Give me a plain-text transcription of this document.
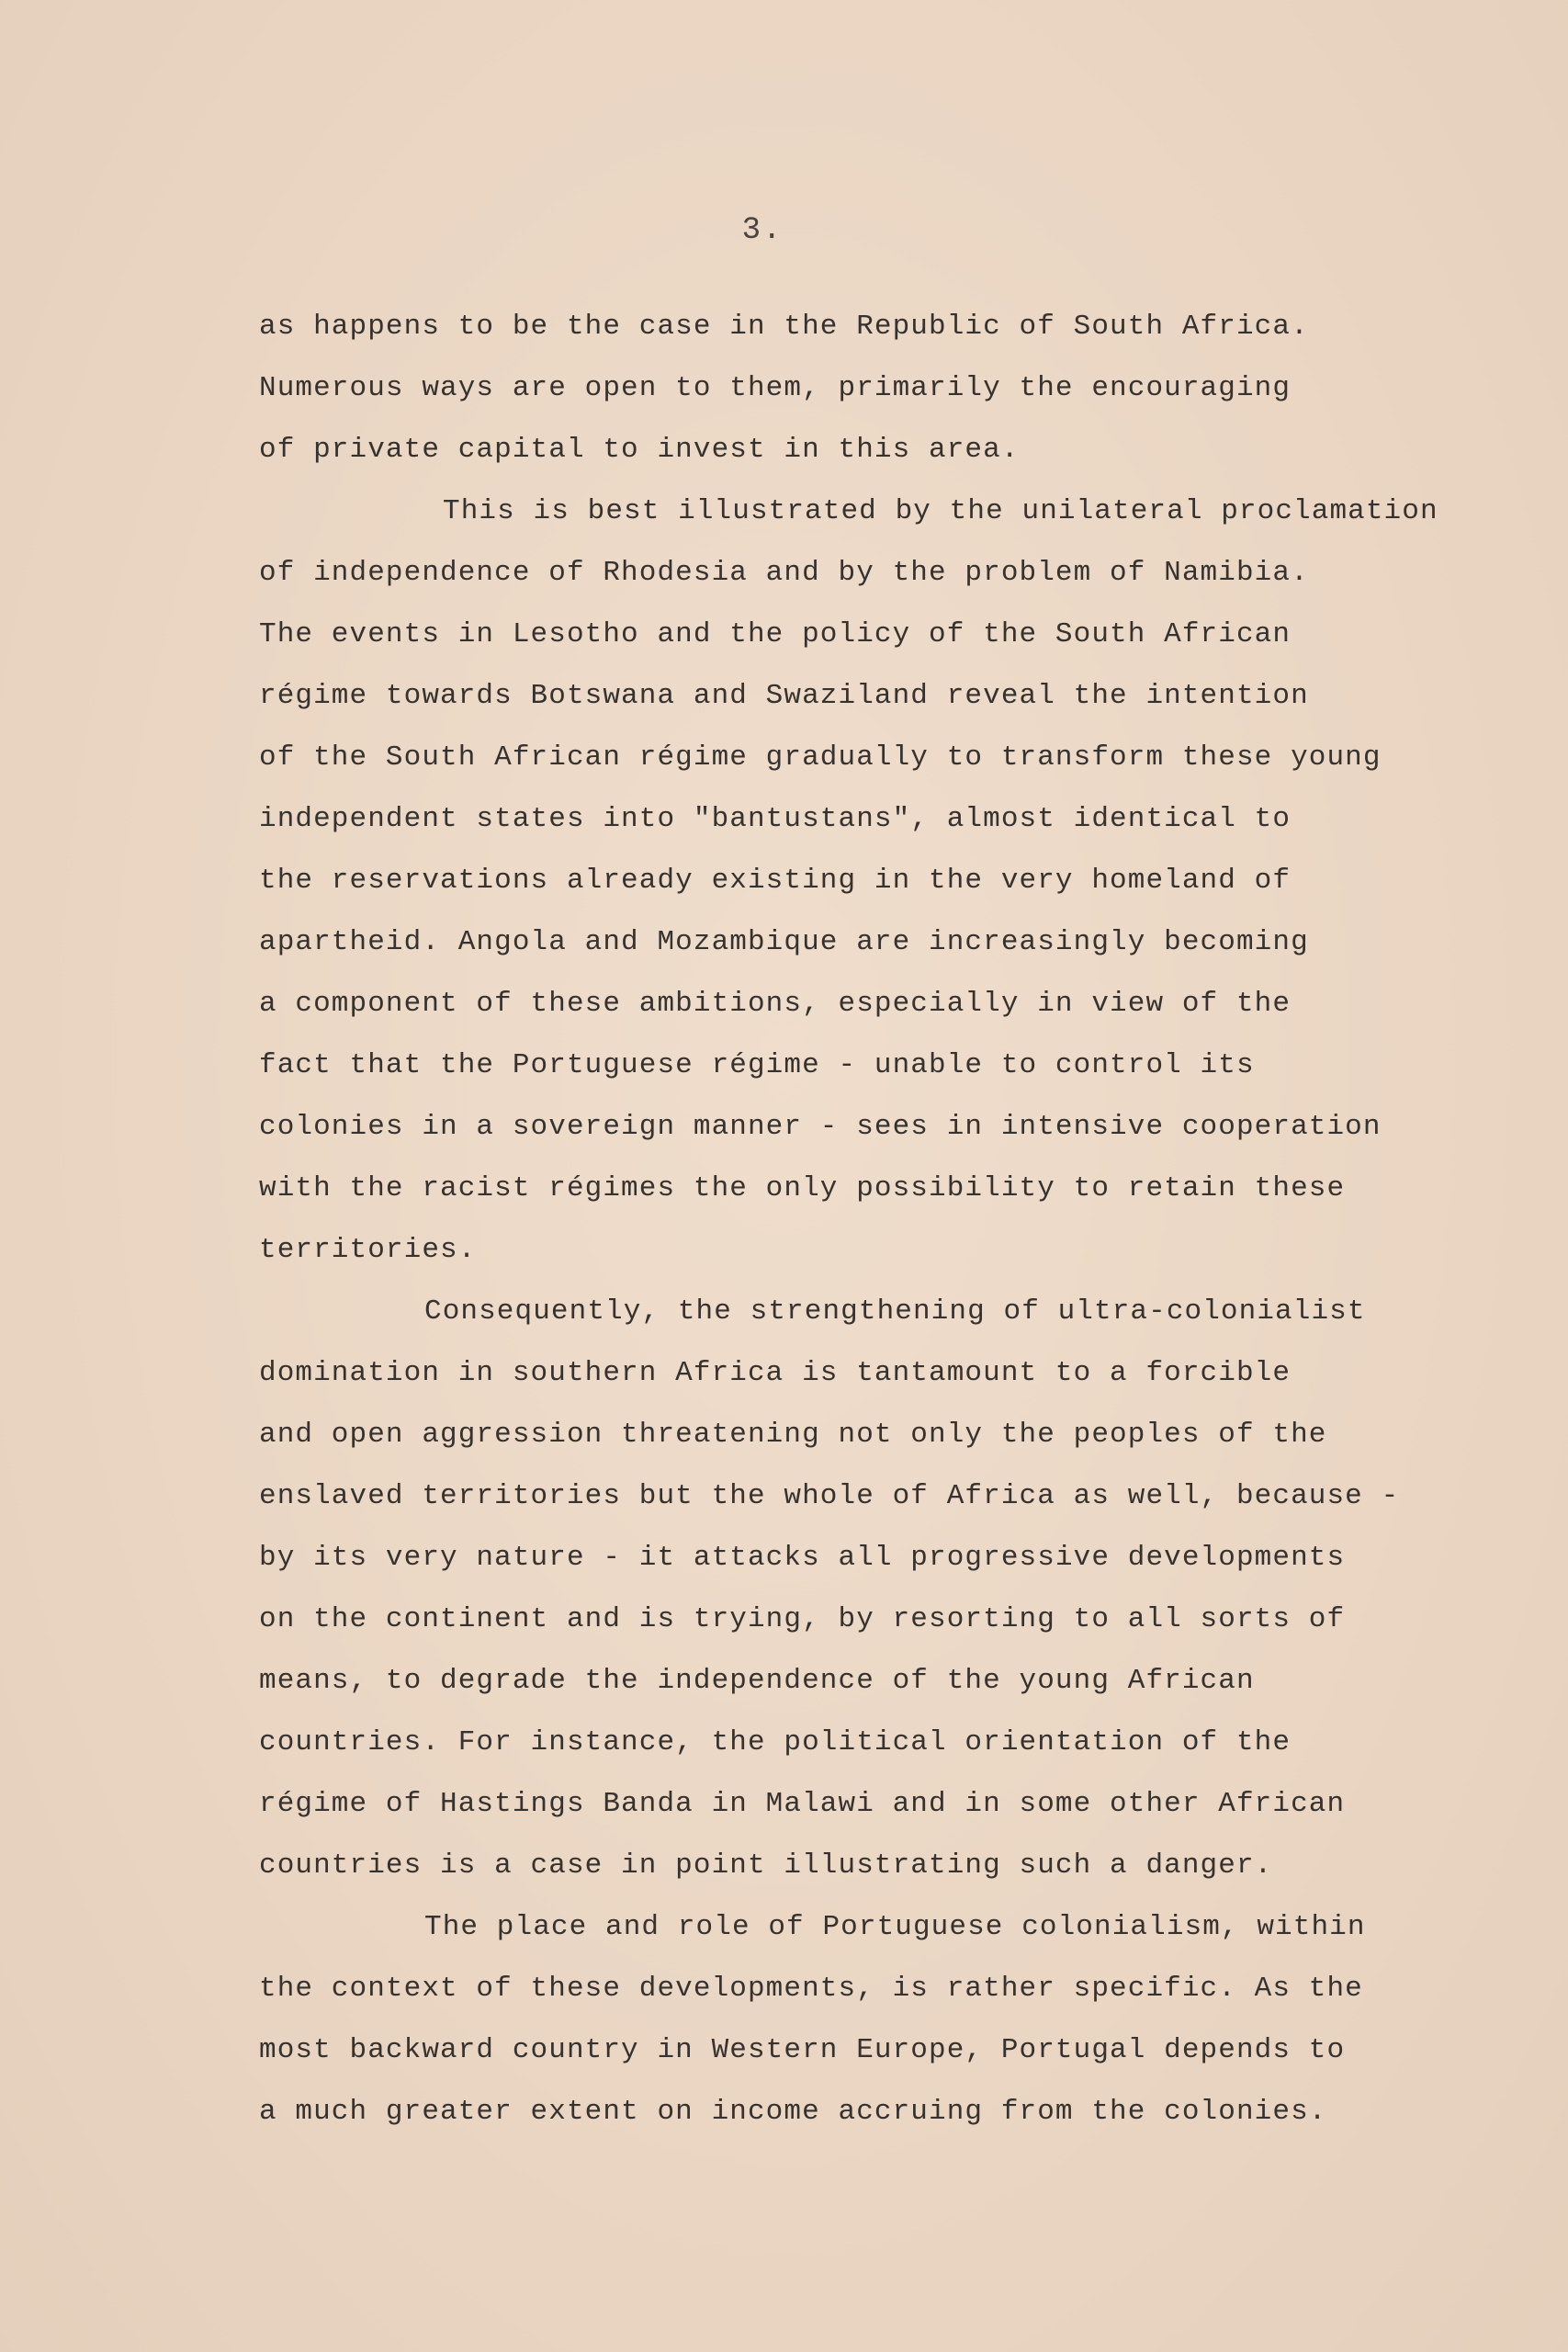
3.
as happens to be the case in the Republic of South Africa.
Numerous ways are open to them, primarily the encouraging
of private capital to invest in this area.
This is best illustrated by the unilateral proclamation
of independence of Rhodesia and by the problem of Namibia.
The events in Lesotho and the policy of the South African
régime towards Botswana and Swaziland reveal the intention
of the South African régime gradually to transform these young
independent states into "bantustans", almost identical to
the reservations already existing in the very homeland of
apartheid. Angola and Mozambique are increasingly becoming
a component of these ambitions, especially in view of the
fact that the Portuguese régime - unable to control its
colonies in a sovereign manner - sees in intensive cooperation
with the racist régimes the only possibility to retain these
territories.
Consequently, the strengthening of ultra-colonialist
domination in southern Africa is tantamount to a forcible
and open aggression threatening not only the peoples of the
enslaved territories but the whole of Africa as well, because -
by its very nature - it attacks all progressive developments
on the continent and is trying, by resorting to all sorts of
means, to degrade the independence of the young African
countries. For instance, the political orientation of the
régime of Hastings Banda in Malawi and in some other African
countries is a case in point illustrating such a danger.
The place and role of Portuguese colonialism, within
the context of these developments, is rather specific. As the
most backward country in Western Europe, Portugal depends to
a much greater extent on income accruing from the colonies.
